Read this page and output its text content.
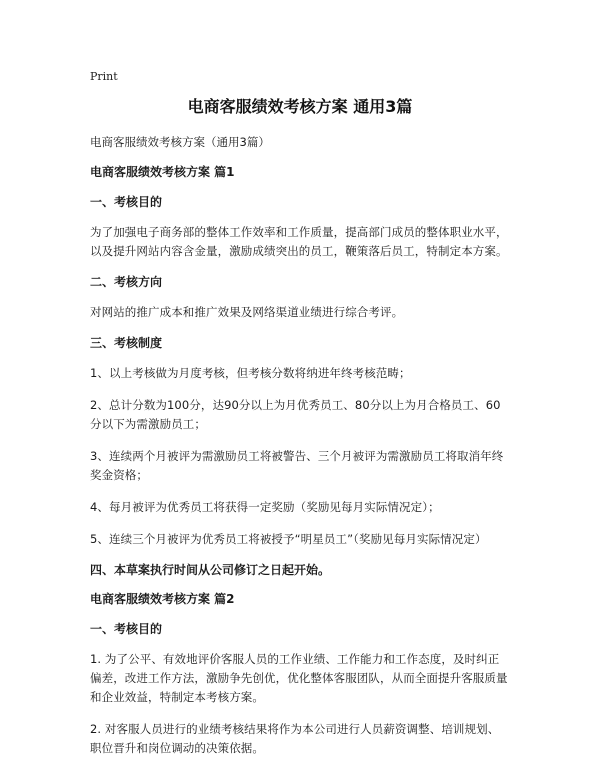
Print
电商客服绩效考核方案 通用3篇
电商客服绩效考核方案（通用3篇）
电商客服绩效考核方案 篇1
一、考核目的

为了加强电子商务部的整体工作效率和工作质量，提高部门成员的整体职业水平，以及提升网站内容含金量，激励成绩突出的员工，鞭策落后员工，特制定本方案。

二、考核方向

对网站的推广成本和推广效果及网络渠道业绩进行综合考评。

三、考核制度

1、以上考核做为月度考核，但考核分数将纳进年终考核范畴；

2、总计分数为100分，达90分以上为月优秀员工、80分以上为月合格员工、60分以下为需激励员工；

3、连续两个月被评为需激励员工将被警告、三个月被评为需激励员工将取消年终奖金资格；

4、每月被评为优秀员工将获得一定奖励（奖励见每月实际情况定）；

5、连续三个月被评为优秀员工将被授予“明星员工”（奖励见每月实际情况定）

四、本草案执行时间从公司修订之日起开始。
电商客服绩效考核方案 篇2
一、考核目的

1. 为了公平、有效地评价客服人员的工作业绩、工作能力和工作态度，及时纠正偏差，改进工作方法，激励争先创优，优化整体客服团队，从而全面提升客服质量和企业效益，特制定本考核方案。

2. 对客服人员进行的业绩考核结果将作为本公司进行人员薪资调整、培训规划、职位晋升和岗位调动的决策依据。
